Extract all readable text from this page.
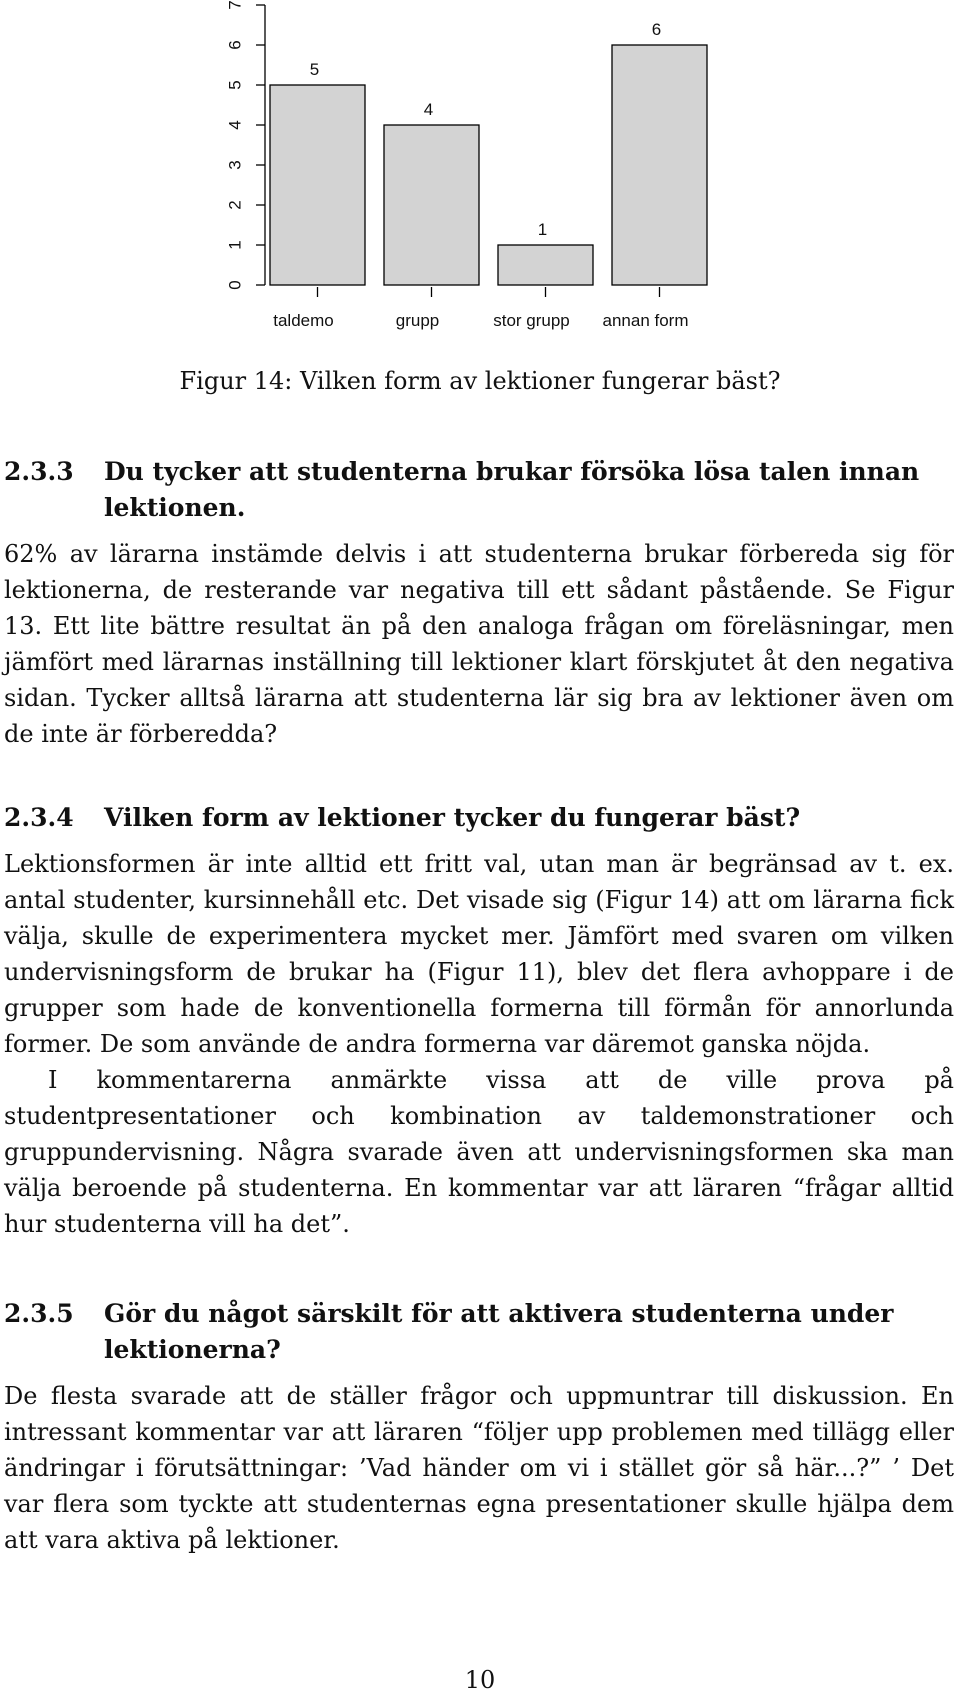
0
1
2
3
4
5
6
7
5
taldemo
4
grupp
1
stor grupp
6
annan form
Figur 14: Vilken form av lektioner fungerar bäst?
2.3.3	Du tycker att studenterna brukar försöka lösa talen innan lektionen.

62% av lärarna instämde delvis i att studenterna brukar förbereda sig för lektionerna, de resterande var negativa till ett sådant påstående. Se Figur 13. Ett lite bättre resultat än på den analoga frågan om föreläsningar, men jämfört med lärarnas inställning till lektioner klart förskjutet åt den negativa sidan. Tycker alltså lärarna att studenterna lär sig bra av lektioner även om de inte är förberedda?

2.3.4	Vilken form av lektioner tycker du fungerar bäst?

Lektionsformen är inte alltid ett fritt val, utan man är begränsad av t. ex. antal studenter, kursinnehåll etc. Det visade sig (Figur 14) att om lärarna fick välja, skulle de experimentera mycket mer. Jämfört med svaren om vilken undervisningsform de brukar ha (Figur 11), blev det flera avhoppare i de grupper som hade de konventionella formerna till förmån för annorlunda former. De som använde de andra formerna var däremot ganska nöjda.

I kommentarerna anmärkte vissa att de ville prova på studentpresentationer och kombination av taldemonstrationer och gruppundervisning. Några svarade även att undervisningsformen ska man välja beroende på studenterna. En kommentar var att läraren “frågar alltid hur studenterna vill ha det”.

2.3.5	Gör du något särskilt för att aktivera studenterna under lektionerna?

De flesta svarade att de ställer frågor och uppmuntrar till diskussion. En intressant kommentar var att läraren “följer upp problemen med tillägg eller ändringar i förutsättningar: ’Vad händer om vi i stället gör så här...?” ’ Det var flera som tyckte att studenternas egna presentationer skulle hjälpa dem att vara aktiva på lektioner.

10
